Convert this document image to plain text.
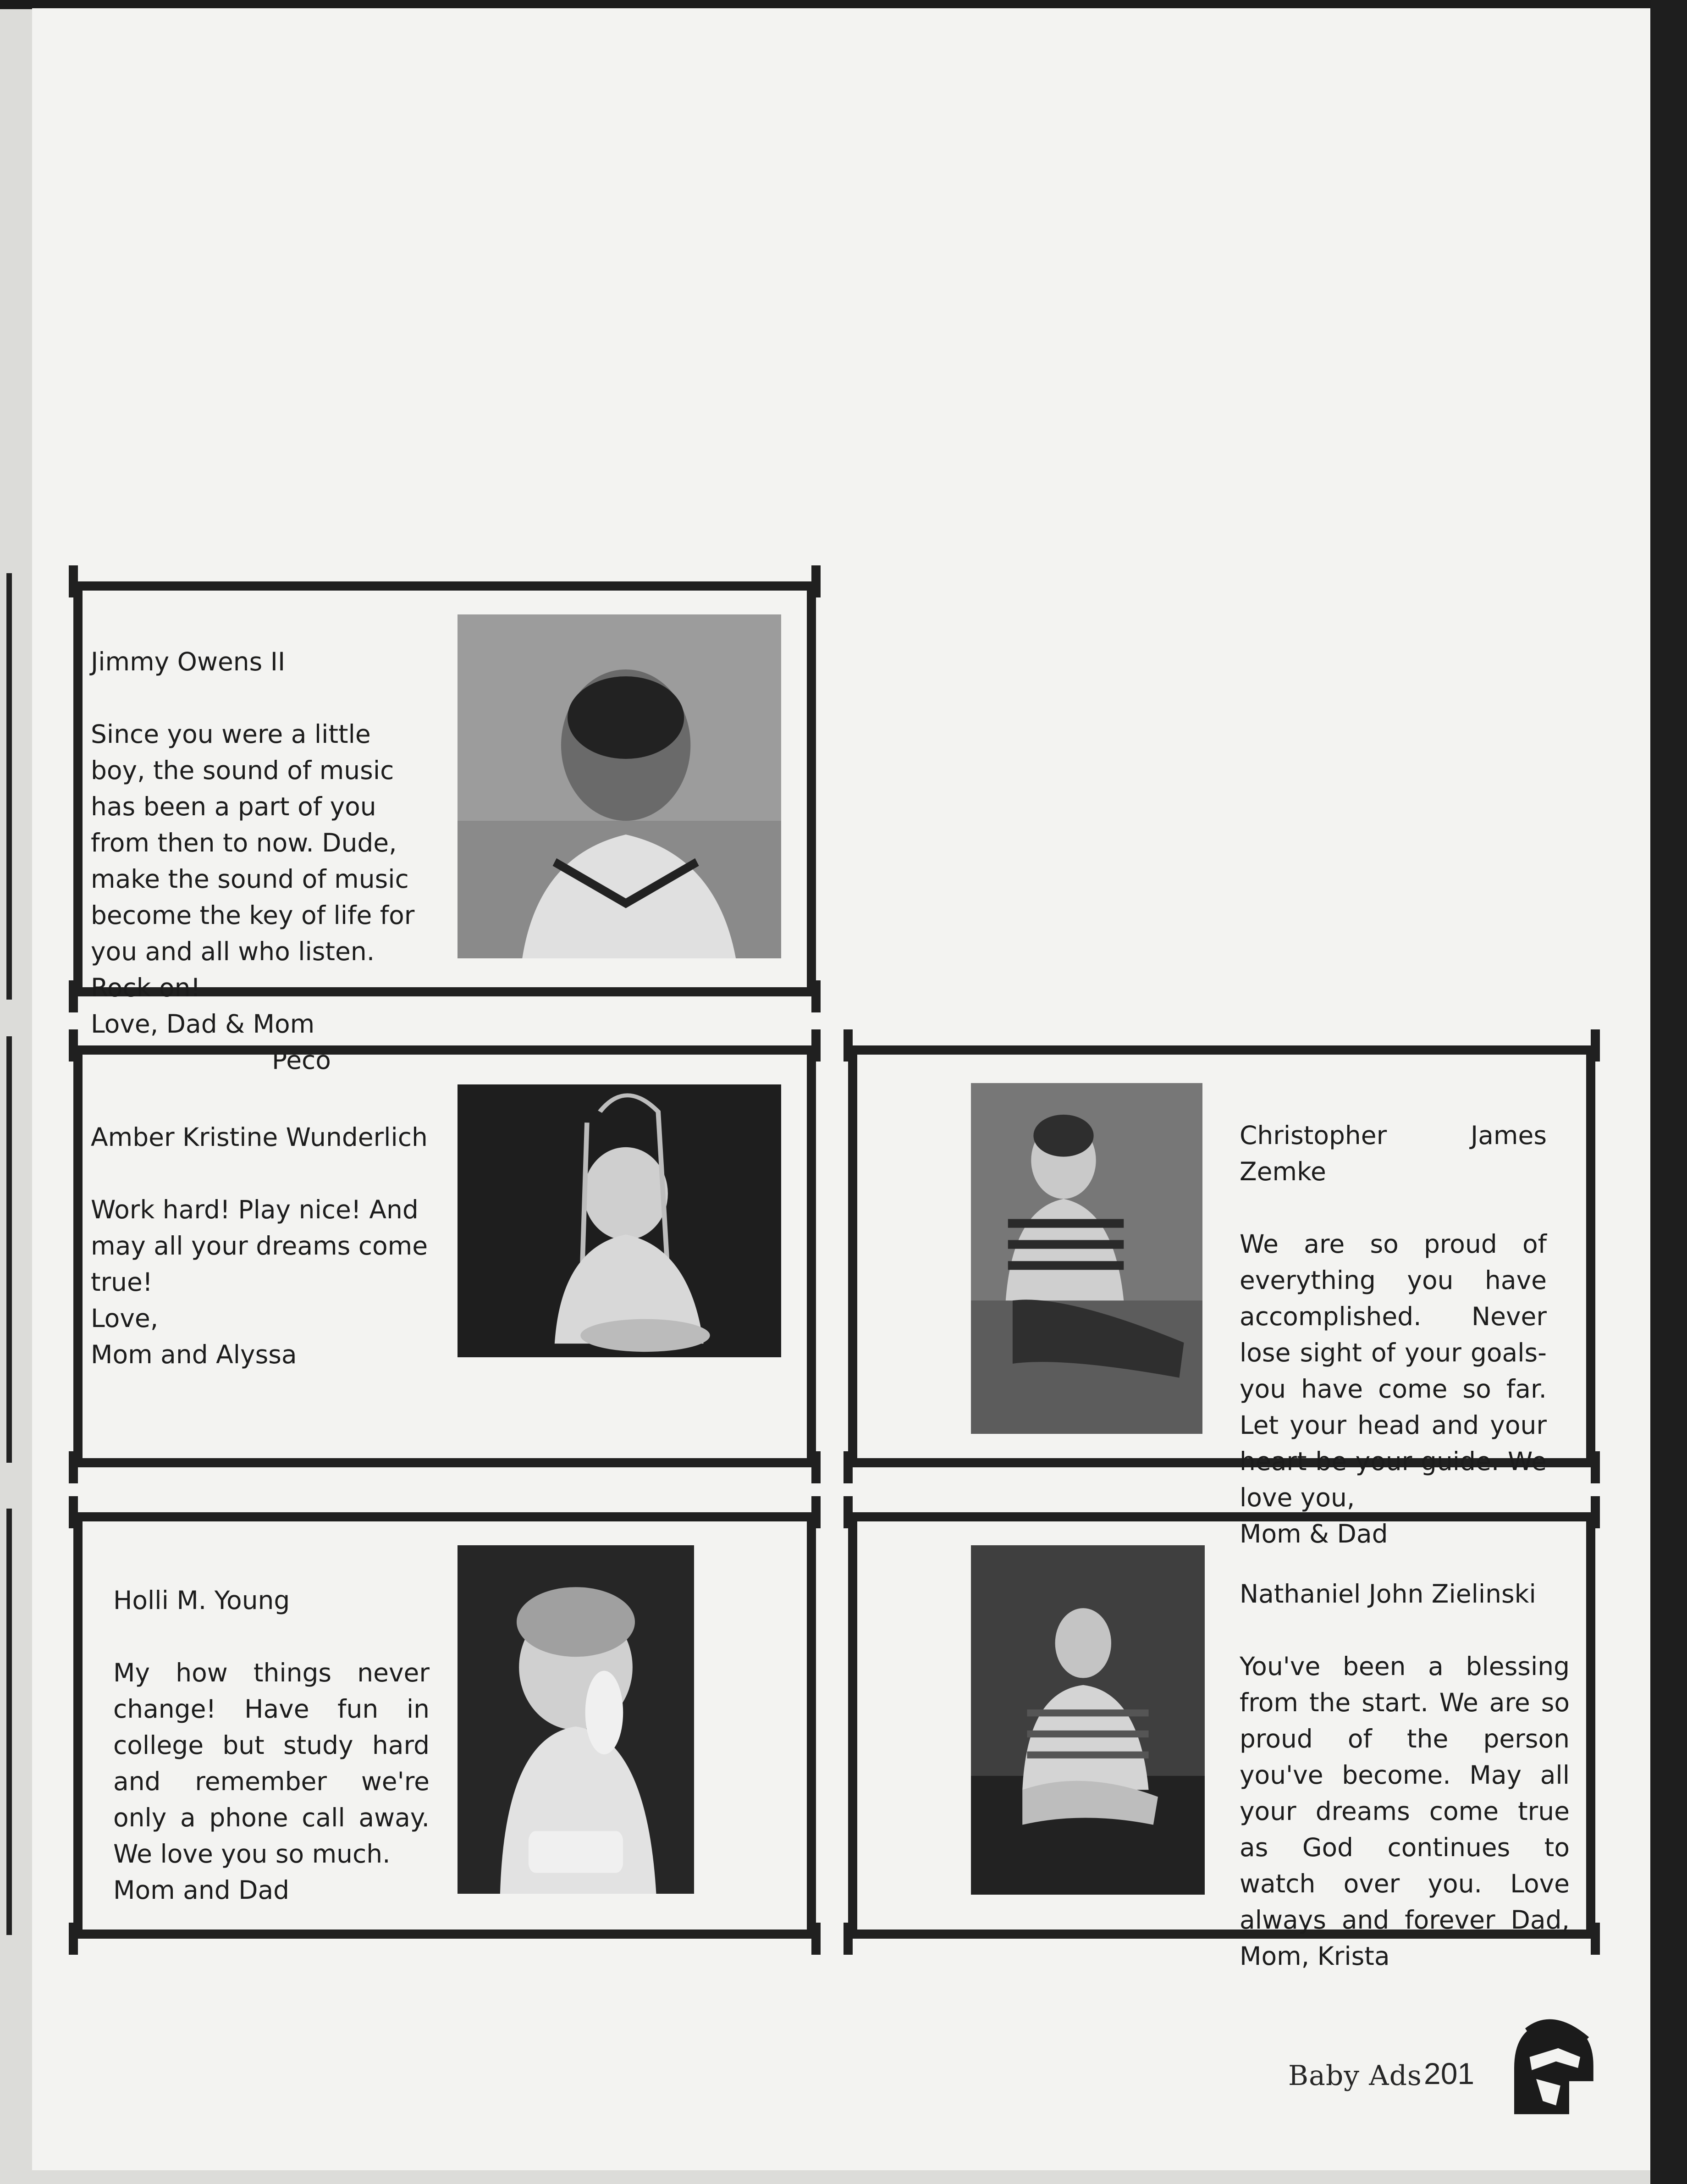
Jimmy Owens II

Since you were a little boy, the sound of music has been a part of you from then to now. Dude, make the sound of music become the key of life for you and all who listen.
Rock on!
Love, Dad & Mom

Peco

Amber Kristine Wunderlich

Work hard! Play nice! And may all your dreams come true!
Love,
Mom and Alyssa

Christopher James Zemke

We are so proud of everything you have accomplished. Never lose sight of your goals- you have come so far. Let your head and your heart be your guide. We love you,
Mom & Dad

Holli M. Young

My how things never change! Have fun in college but study hard and remember we're only a phone call away. We love you so much.
Mom and Dad

Nathaniel John Zielinski

You've been a blessing from the start. We are so proud of the person you've become. May all your dreams come true as God continues to watch over you. Love always and forever Dad, Mom, Krista

Baby Ads 201
